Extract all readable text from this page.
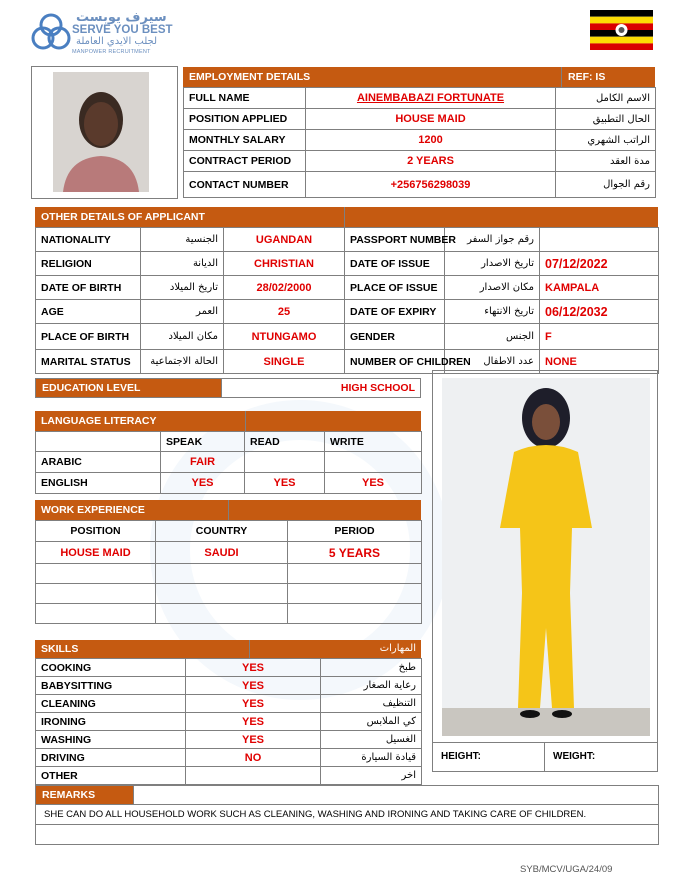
سيرف يوبست
SERVE YOU BEST
لجلب الايدي العاملة
MANPOWER RECRUITMENT
EMPLOYMENT DETAILS	REF: IS
FULL NAME	AINEMBABAZI FORTUNATE	الاسم الكامل
POSITION APPLIED	HOUSE MAID	الحال التطبيق
MONTHLY SALARY	1200	الراتب الشهري
CONTRACT PERIOD	2 YEARS	مدة العقد
CONTACT NUMBER	+256756298039	رقم الجوال
OTHER DETAILS OF APPLICANT
NATIONALITY	الجنسية	UGANDAN	PASSPORT NUMBER	رقم جواز السفر	
RELIGION	الديانة	CHRISTIAN	DATE OF ISSUE	تاريخ الاصدار	07/12/2022
DATE OF BIRTH	تاريخ الميلاد	28/02/2000	PLACE OF ISSUE	مكان الاصدار	KAMPALA
AGE	العمر	25	DATE OF EXPIRY	تاريخ الانتهاء	06/12/2032
PLACE OF BIRTH	مكان الميلاد	NTUNGAMO	GENDER	الجنس	F
MARITAL STATUS	الحالة الاجتماعية	SINGLE	NUMBER OF CHILDREN	عدد الاطفال	NONE
EDUCATION LEVEL	HIGH SCHOOL
LANGUAGE LITERACY
	SPEAK	READ	WRITE
ARABIC	FAIR		
ENGLISH	YES	YES	YES
WORK EXPERIENCE
POSITION	COUNTRY	PERIOD
HOUSE MAID	SAUDI	5 YEARS

SKILLS	المهارات
COOKING	YES	طبخ
BABYSITTING	YES	رعاية الصغار
CLEANING	YES	التنظيف
IRONING	YES	كي الملابس
WASHING	YES	الغسيل
DRIVING	NO	قيادة السيارة
OTHER		اخر
HEIGHT:	WEIGHT:
REMARKS
SHE CAN DO ALL HOUSEHOLD WORK SUCH AS CLEANING, WASHING AND IRONING AND TAKING CARE OF CHILDREN.
SYB/MCV/UGA/24/09
